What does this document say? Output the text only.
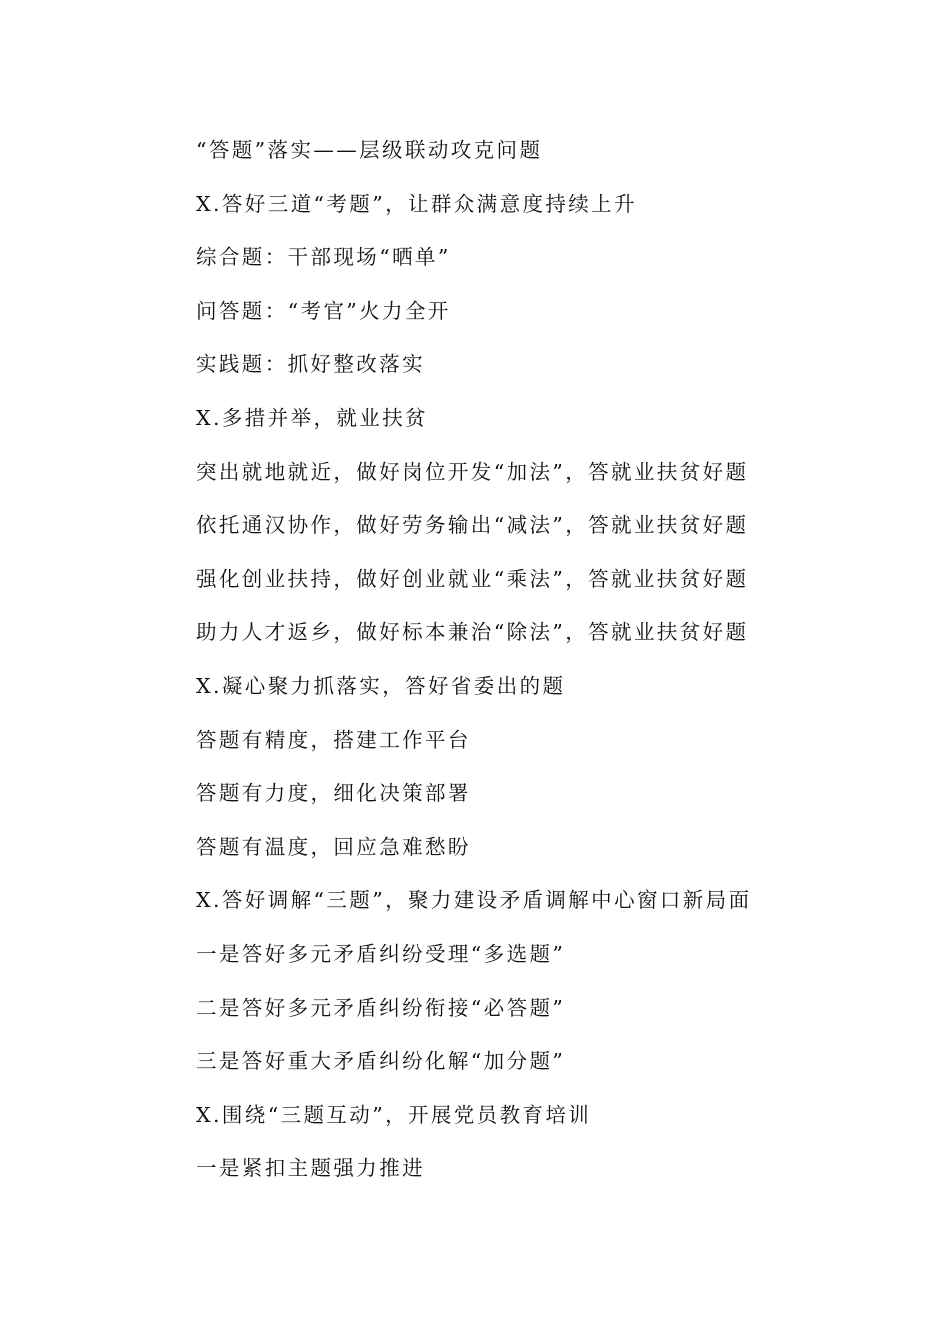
“答题”落实——层级联动攻克问题
X.答好三道“考题”，让群众满意度持续上升
综合题：干部现场“晒单”
问答题：“考官”火力全开
实践题：抓好整改落实
X.多措并举，就业扶贫
突出就地就近，做好岗位开发“加法”，答就业扶贫好题
依托通汉协作，做好劳务输出“减法”，答就业扶贫好题
强化创业扶持，做好创业就业“乘法”，答就业扶贫好题
助力人才返乡，做好标本兼治“除法”，答就业扶贫好题
X.凝心聚力抓落实，答好省委出的题
答题有精度，搭建工作平台
答题有力度，细化决策部署
答题有温度，回应急难愁盼
X.答好调解“三题”，聚力建设矛盾调解中心窗口新局面
一是答好多元矛盾纠纷受理“多选题”
二是答好多元矛盾纠纷衔接“必答题”
三是答好重大矛盾纠纷化解“加分题”
X.围绕“三题互动”，开展党员教育培训
一是紧扣主题强力推进
